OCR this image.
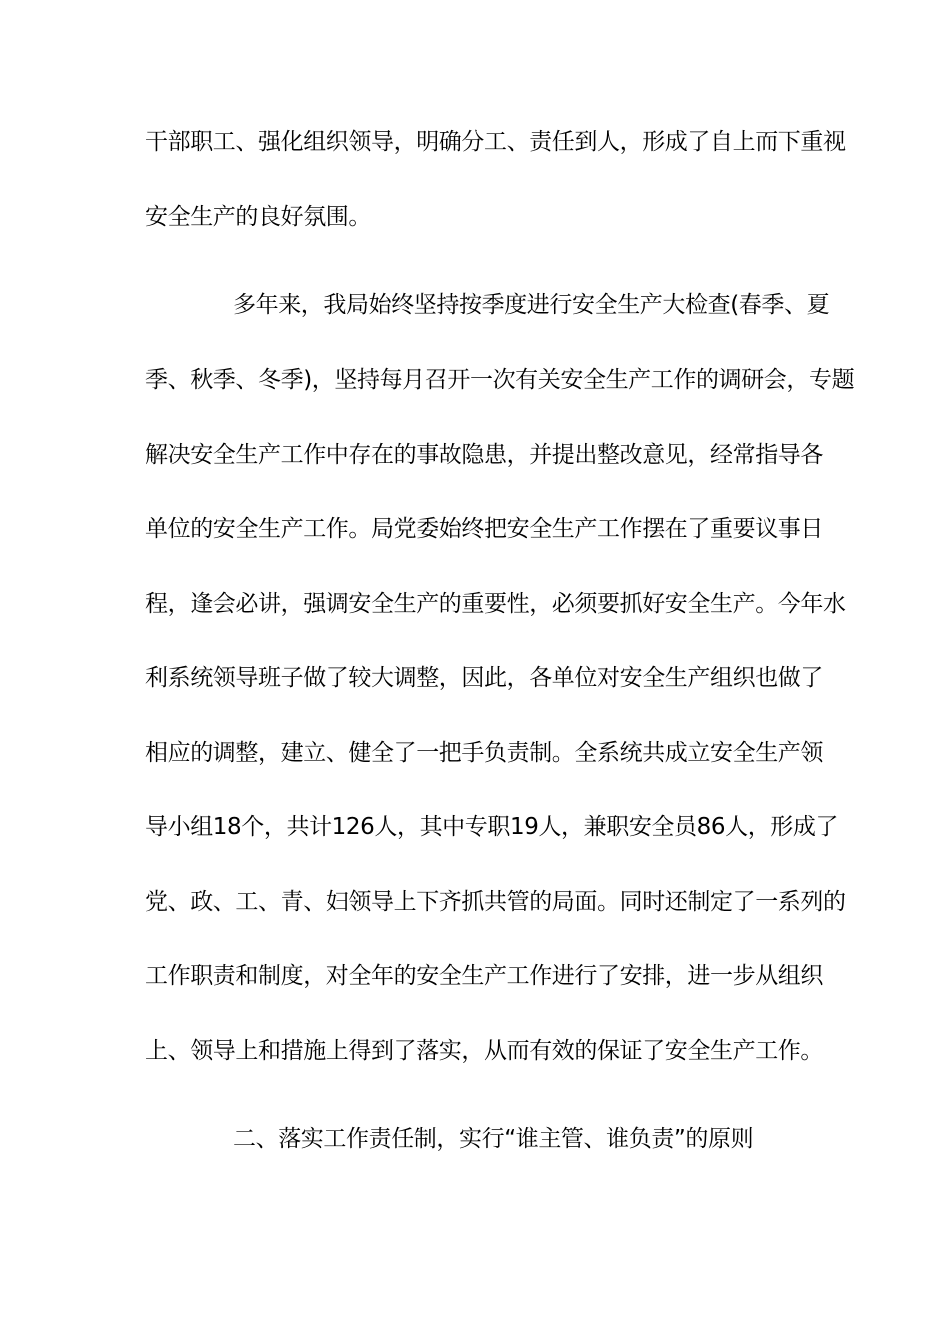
干部职工、强化组织领导，明确分工、责任到人，形成了自上而下重视
安全生产的良好氛围。
多年来，我局始终坚持按季度进行安全生产大检查(春季、夏
季、秋季、冬季)，坚持每月召开一次有关安全生产工作的调研会，专题
解决安全生产工作中存在的事故隐患，并提出整改意见，经常指导各
单位的安全生产工作。局党委始终把安全生产工作摆在了重要议事日
程，逢会必讲，强调安全生产的重要性，必须要抓好安全生产。今年水
利系统领导班子做了较大调整，因此，各单位对安全生产组织也做了
相应的调整，建立、健全了一把手负责制。全系统共成立安全生产领
导小组18个，共计126人，其中专职19人，兼职安全员86人，形成了
党、政、工、青、妇领导上下齐抓共管的局面。同时还制定了一系列的
工作职责和制度，对全年的安全生产工作进行了安排，进一步从组织
上、领导上和措施上得到了落实，从而有效的保证了安全生产工作。
二、落实工作责任制，实行“谁主管、谁负责”的原则
